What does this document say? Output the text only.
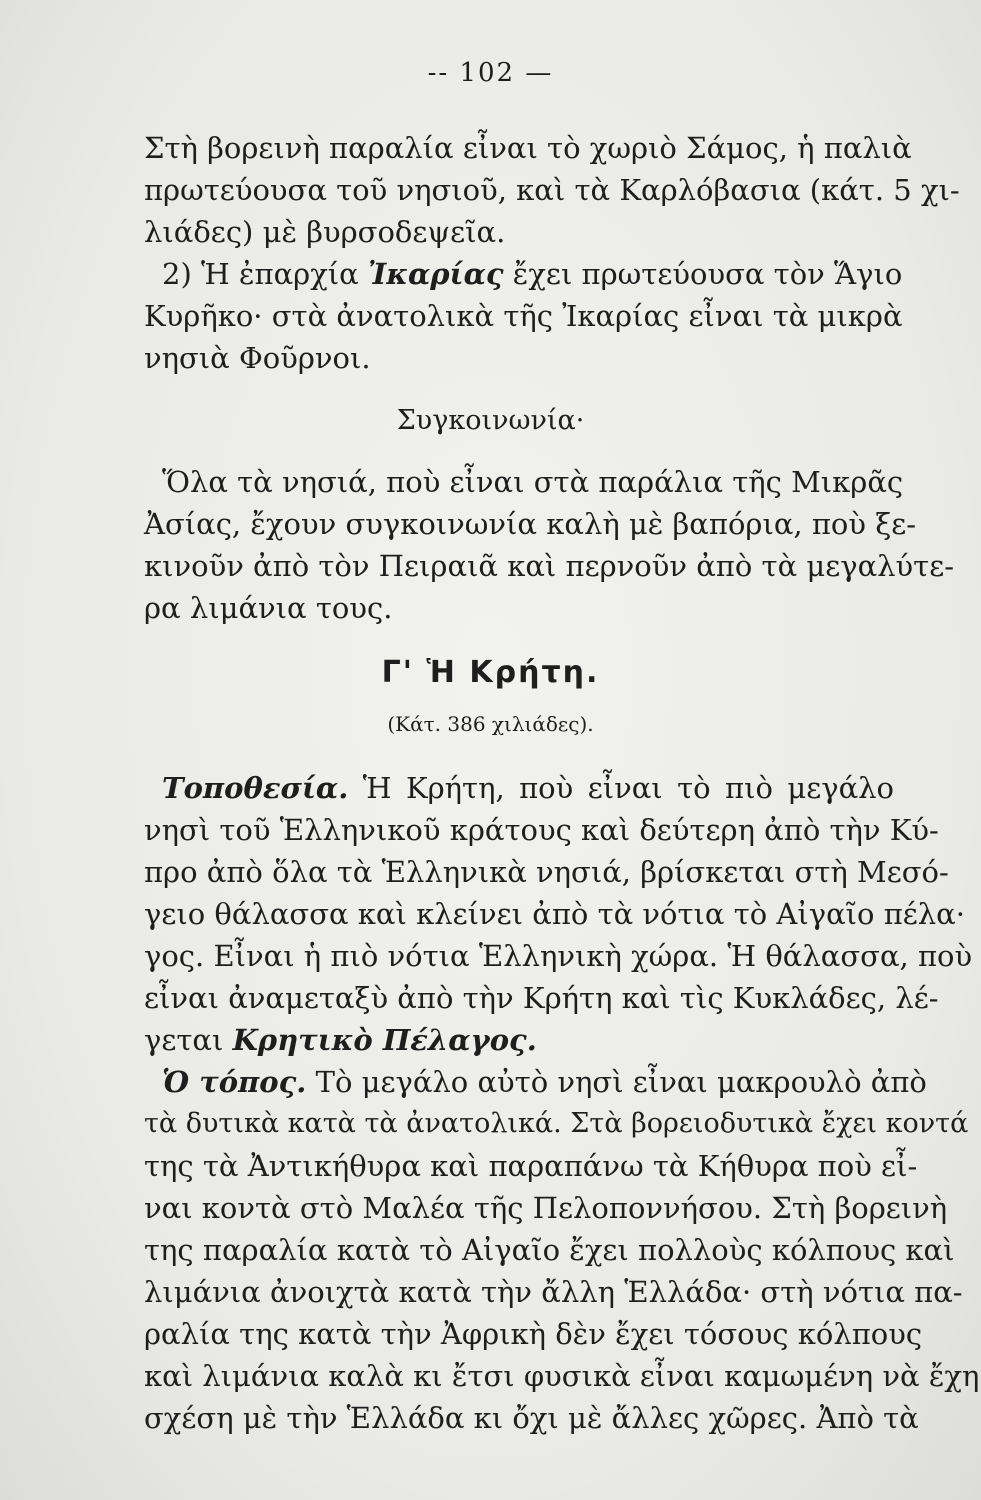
-- 102 —
Στὴ βορεινὴ παραλία εἶναι τὸ χωριὸ Σάμος, ἡ παλιὰ
πρωτεύουσα τοῦ νησιοῦ, καὶ τὰ Καρλόβασια (κάτ. 5 χι-
λιάδες) μὲ βυρσοδεψεῖα.
2) Ἡ ἐπαρχία Ἰκαρίας ἔχει πρωτεύουσα τὸν Ἅγιο
Κυρῆκο· στὰ ἀνατολικὰ τῆς Ἰκαρίας εἶναι τὰ μικρὰ
νησιὰ Φοῦρνοι.
Συγκοινωνία·
Ὅλα τὰ νησιά, ποὺ εἶναι στὰ παράλια τῆς Μικρᾶς
Ἀσίας, ἔχουν συγκοινωνία καλὴ μὲ βαπόρια, ποὺ ξε-
κινοῦν ἀπὸ τὸν Πειραιᾶ καὶ περνοῦν ἀπὸ τὰ μεγαλύτε-
ρα λιμάνια τους.
Γ' Ἡ Κρήτη.
(Κάτ. 386 χιλιάδες).
Τοποθεσία. Ἡ Κρήτη, ποὺ εἶναι τὸ πιὸ μεγάλο
νησὶ τοῦ Ἑλληνικοῦ κράτους καὶ δεύτερη ἀπὸ τὴν Κύ-
προ ἀπὸ ὅλα τὰ Ἑλληνικὰ νησιά, βρίσκεται στὴ Μεσό-
γειο θάλασσα καὶ κλείνει ἀπὸ τὰ νότια τὸ Αἰγαῖο πέλα·
γος. Εἶναι ἡ πιὸ νότια Ἑλληνικὴ χώρα. Ἡ θάλασσα, ποὺ
εἶναι ἀναμεταξὺ ἀπὸ τὴν Κρήτη καὶ τὶς Κυκλάδες, λέ-
γεται Κρητικὸ Πέλαγος.
Ὁ τόπος. Τὸ μεγάλο αὐτὸ νησὶ εἶναι μακρουλὸ ἀπὸ
τὰ δυτικὰ κατὰ τὰ ἀνατολικά. Στὰ βορειοδυτικὰ ἔχει κοντά
της τὰ Ἀντικήθυρα καὶ παραπάνω τὰ Κήθυρα ποὺ εἶ-
ναι κοντὰ στὸ Μαλέα τῆς Πελοποννήσου. Στὴ βορεινὴ
της παραλία κατὰ τὸ Αἰγαῖο ἔχει πολλοὺς κόλπους καὶ
λιμάνια ἀνοιχτὰ κατὰ τὴν ἄλλη Ἑλλάδα· στὴ νότια πα-
ραλία της κατὰ τὴν Ἀφρικὴ δὲν ἔχει τόσους κόλπους
καὶ λιμάνια καλὰ κι ἔτσι φυσικὰ εἶναι καμωμένη νὰ ἔχη
σχέση μὲ τὴν Ἑλλάδα κι ὄχι μὲ ἄλλες χῶρες. Ἀπὸ τὰ
